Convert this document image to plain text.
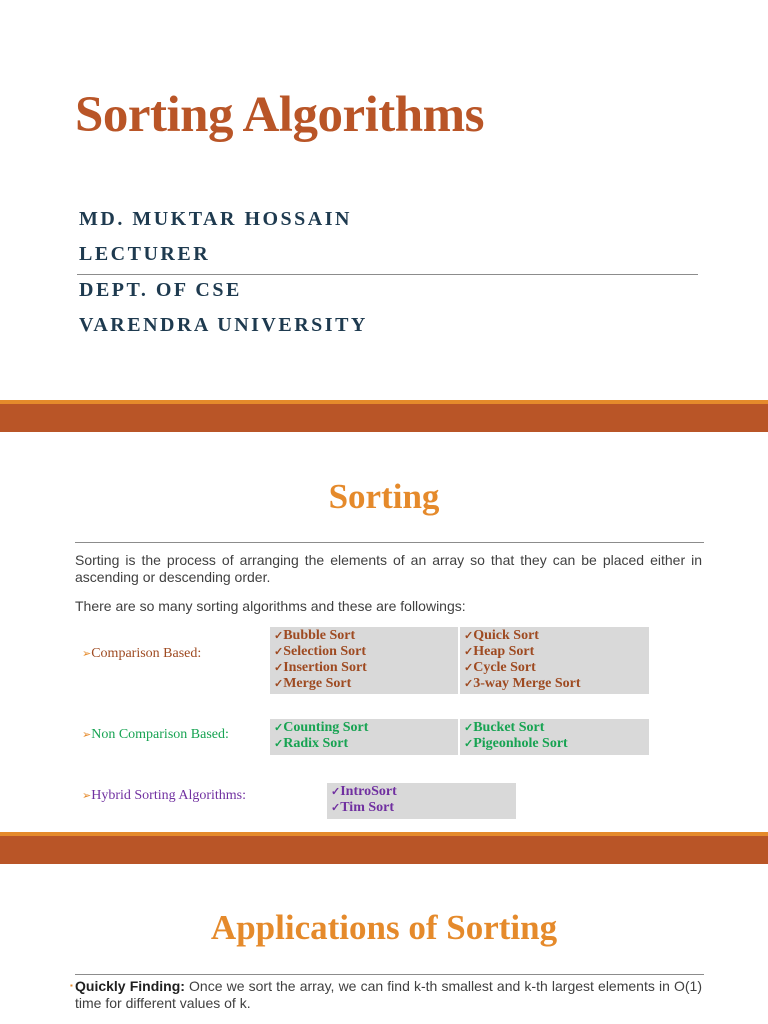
Sorting Algorithms
MD. MUKTAR HOSSAIN
LECTURER
DEPT. OF CSE
VARENDRA UNIVERSITY
Sorting

Sorting is the process of arranging the elements of an array so that they can be placed either in ascending or descending order.

There are so many sorting algorithms and these are followings:

➢Comparison Based:
✓Bubble Sort
✓Selection Sort
✓Insertion Sort
✓Merge Sort
✓Quick Sort
✓Heap Sort
✓Cycle Sort
✓3-way Merge Sort
➢Non Comparison Based:	✓Counting Sort
✓Radix Sort
✓Bucket Sort
✓Pigeonhole Sort
➢Hybrid Sorting Algorithms:	✓IntroSort
✓Tim Sort
Applications of Sorting
▪ Quickly Finding: Once we sort the array, we can find k-th smallest and k-th largest elements in O(1) time for different values of k.
